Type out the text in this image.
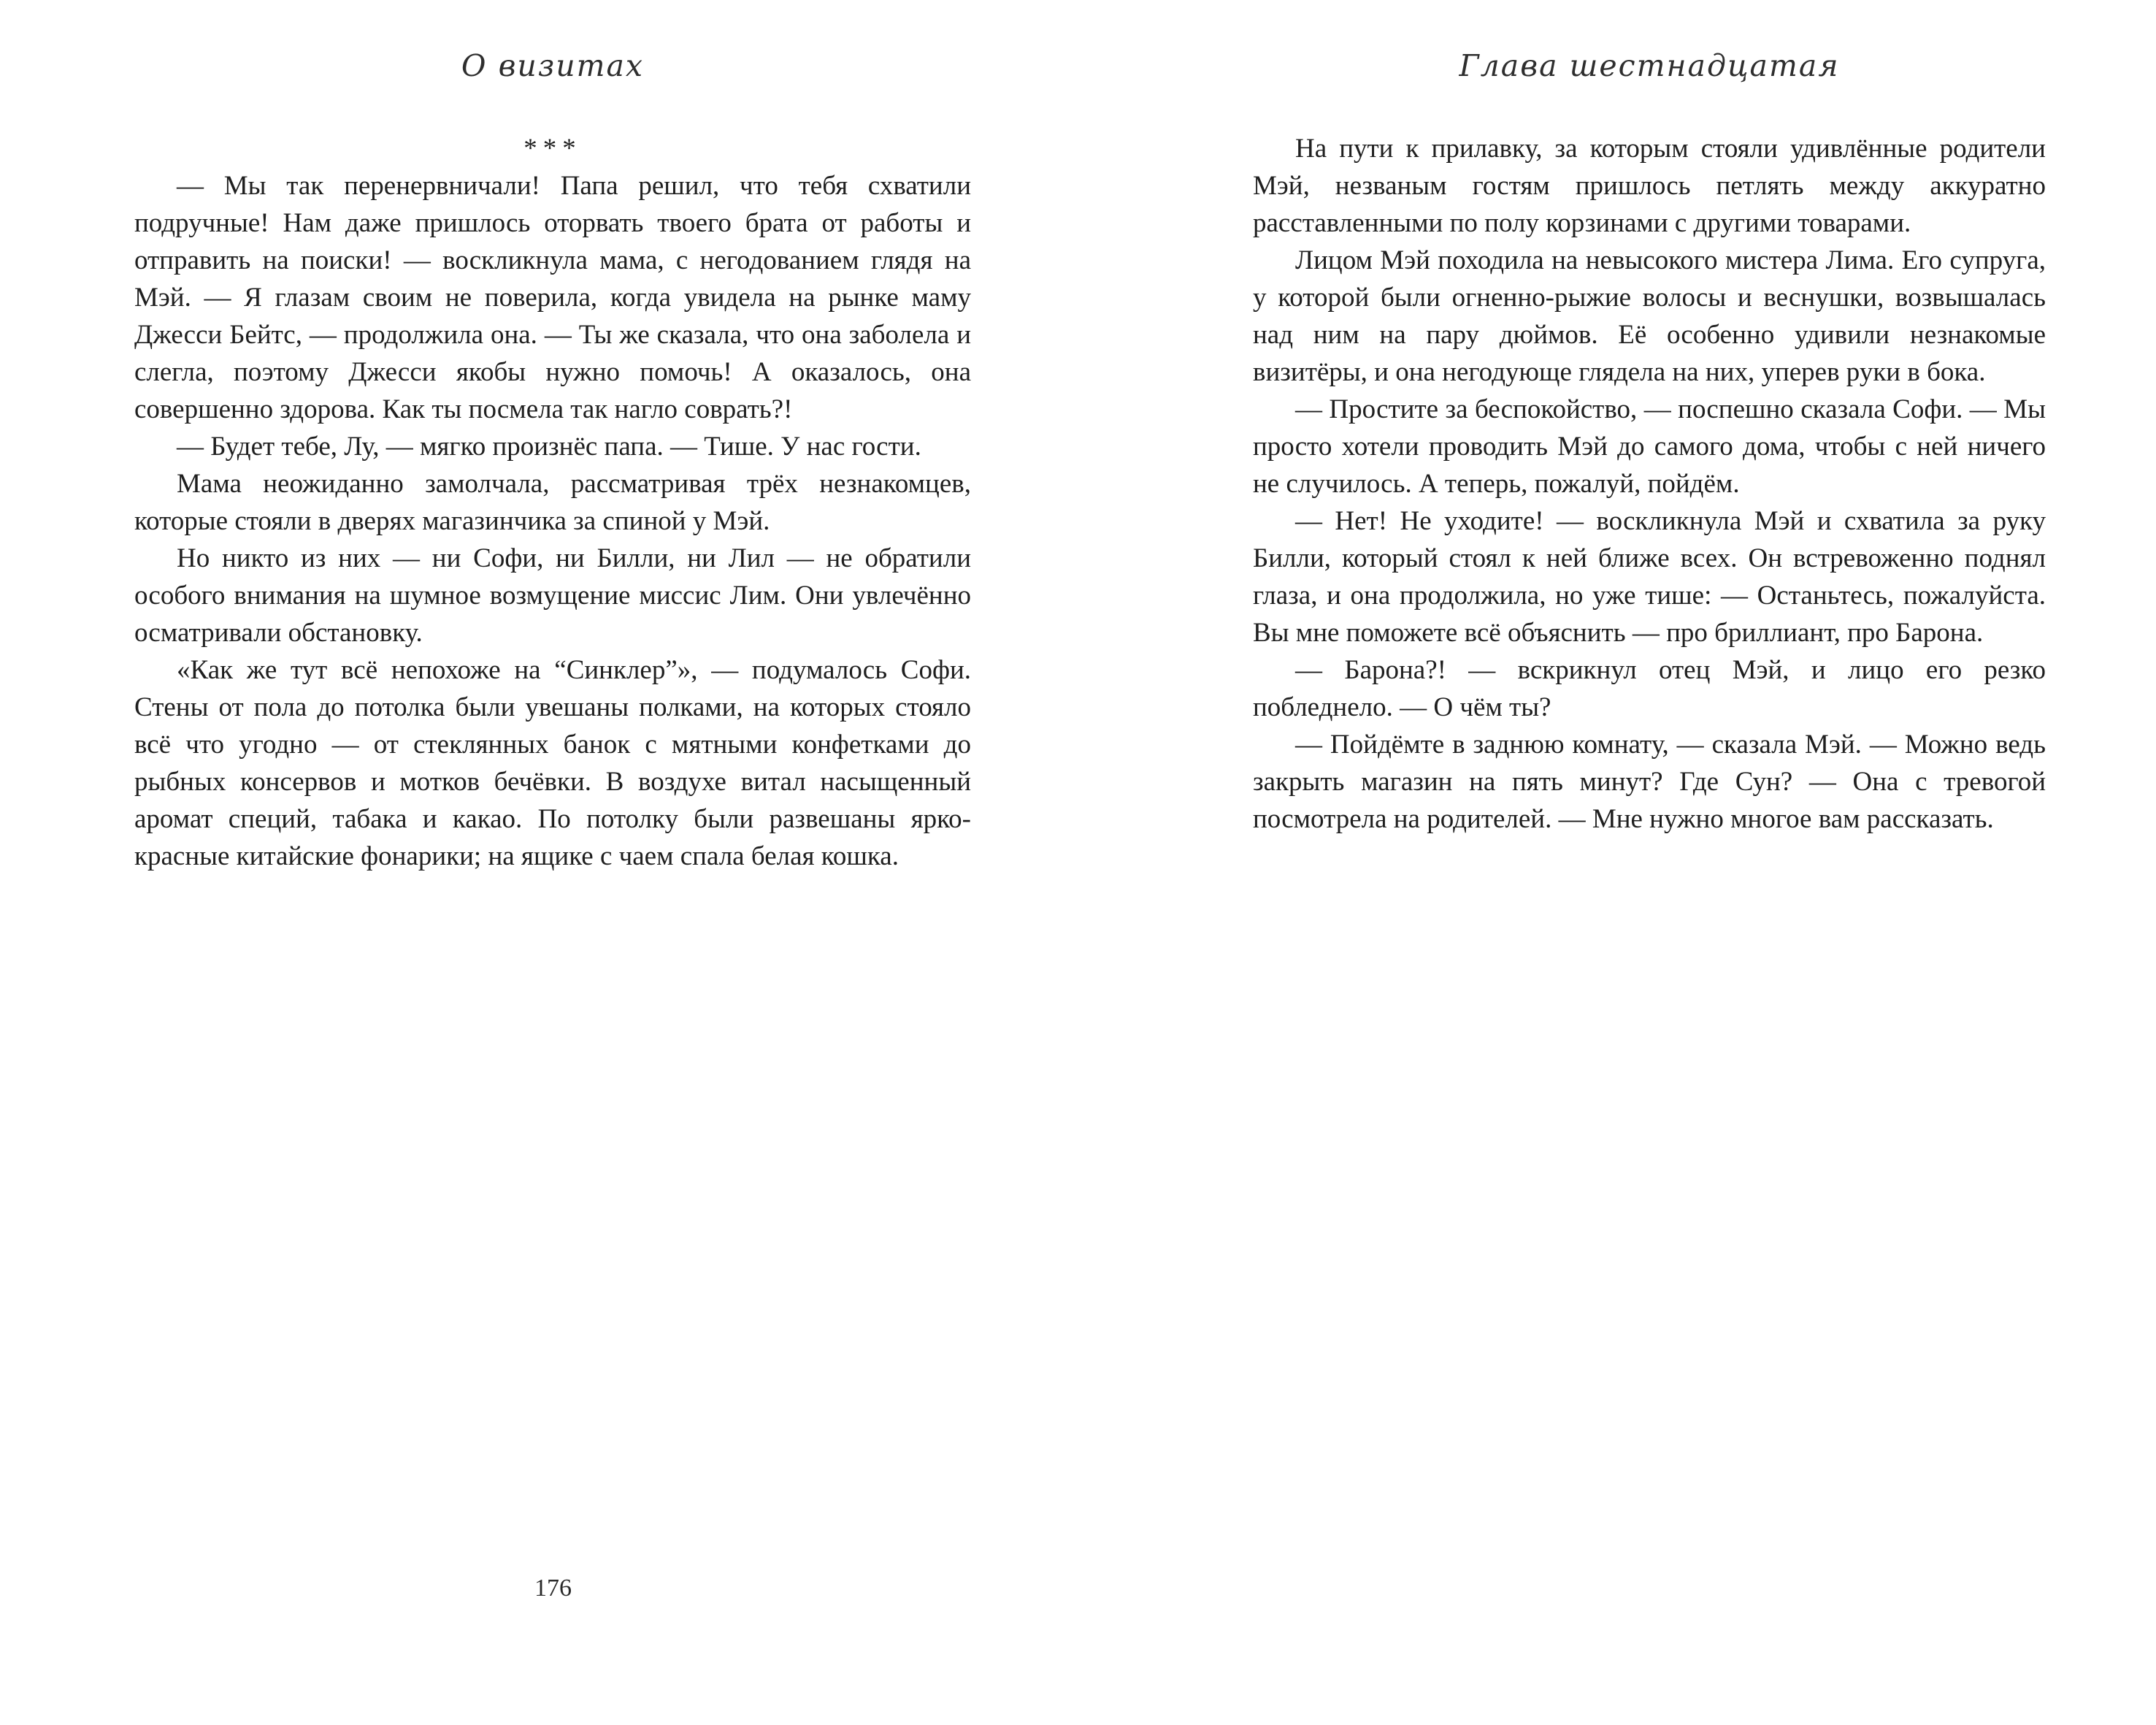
О визитах
***

— Мы так перенервничали! Папа решил, что тебя схватили подручные! Нам даже пришлось оторвать твоего брата от работы и отправить на поиски! — воскликнула мама, с негодованием глядя на Мэй. — Я глазам своим не поверила, когда увидела на рынке маму Джесси Бейтс, — продолжила она. — Ты же сказала, что она заболела и слегла, поэтому Джесси якобы нужно помочь! А оказалось, она совершенно здорова. Как ты посмела так нагло соврать?!

— Будет тебе, Лу, — мягко произнёс папа. — Тише. У нас гости.

Мама неожиданно замолчала, рассматривая трёх незнакомцев, которые стояли в дверях магазинчика за спиной у Мэй.

Но никто из них — ни Софи, ни Билли, ни Лил — не обратили особого внимания на шумное возмущение миссис Лим. Они увлечённо осматривали обстановку.

«Как же тут всё непохоже на “Синклер”», — подумалось Софи. Стены от пола до потолка были увешаны полками, на которых стояло всё что угодно — от стеклянных банок с мятными конфетками до рыбных консервов и мотков бечёвки. В воздухе витал насыщенный аромат специй, табака и какао. По потолку были развешаны ярко-красные китайские фонарики; на ящике с чаем спала белая кошка.

176
Глава шестнадцатая

На пути к прилавку, за которым стояли удивлённые родители Мэй, незваным гостям пришлось петлять между аккуратно расставленными по полу корзинами с другими товарами.

Лицом Мэй походила на невысокого мистера Лима. Его супруга, у которой были огненно-рыжие волосы и веснушки, возвышалась над ним на пару дюймов. Её особенно удивили незнакомые визитёры, и она негодующе глядела на них, уперев руки в бока.

— Простите за беспокойство, — поспешно сказала Софи. — Мы просто хотели проводить Мэй до самого дома, чтобы с ней ничего не случилось. А теперь, пожалуй, пойдём.

— Нет! Не уходите! — воскликнула Мэй и схватила за руку Билли, который стоял к ней ближе всех. Он встревоженно поднял глаза, и она продолжила, но уже тише: — Останьтесь, пожалуйста. Вы мне поможете всё объяснить — про бриллиант, про Барона.

— Барона?! — вскрикнул отец Мэй, и лицо его резко побледнело. — О чём ты?

— Пойдёмте в заднюю комнату, — сказала Мэй. — Можно ведь закрыть магазин на пять минут? Где Сун? — Она с тревогой посмотрела на родителей. — Мне нужно многое вам рассказать.
